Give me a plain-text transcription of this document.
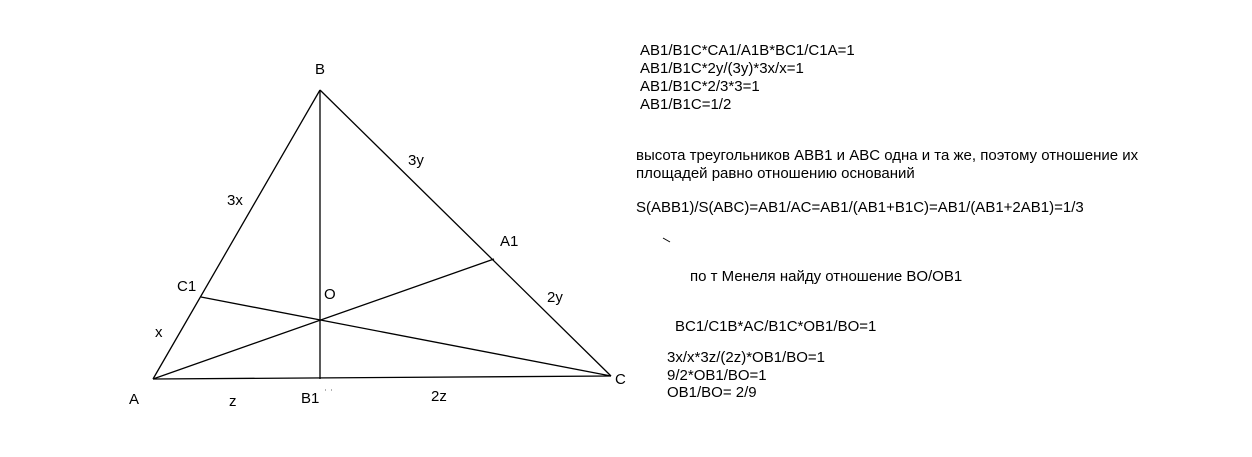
B
A
C
A1
C1
B1
O
3x
x
3y
2y
z	2z
AB1/B1C*CA1/A1B*BC1/C1A=1
AB1/B1C*2y/(3y)*3x/x=1
AB1/B1C*2/3*3=1
AB1/B1C=1/2
высота треугольников ABB1 и ABC одна и та же, поэтому отношение их
площадей равно отношению оснований
S(ABB1)/S(ABC)=AB1/AC=AB1/(AB1+B1C)=AB1/(AB1+2AB1)=1/3
по т Менеля найду отношение BO/OB1
BC1/C1B*AC/B1C*OB1/BO=1
3x/x*3z/(2z)*OB1/BO=1
9/2*OB1/BO=1
OB1/BO= 2/9
